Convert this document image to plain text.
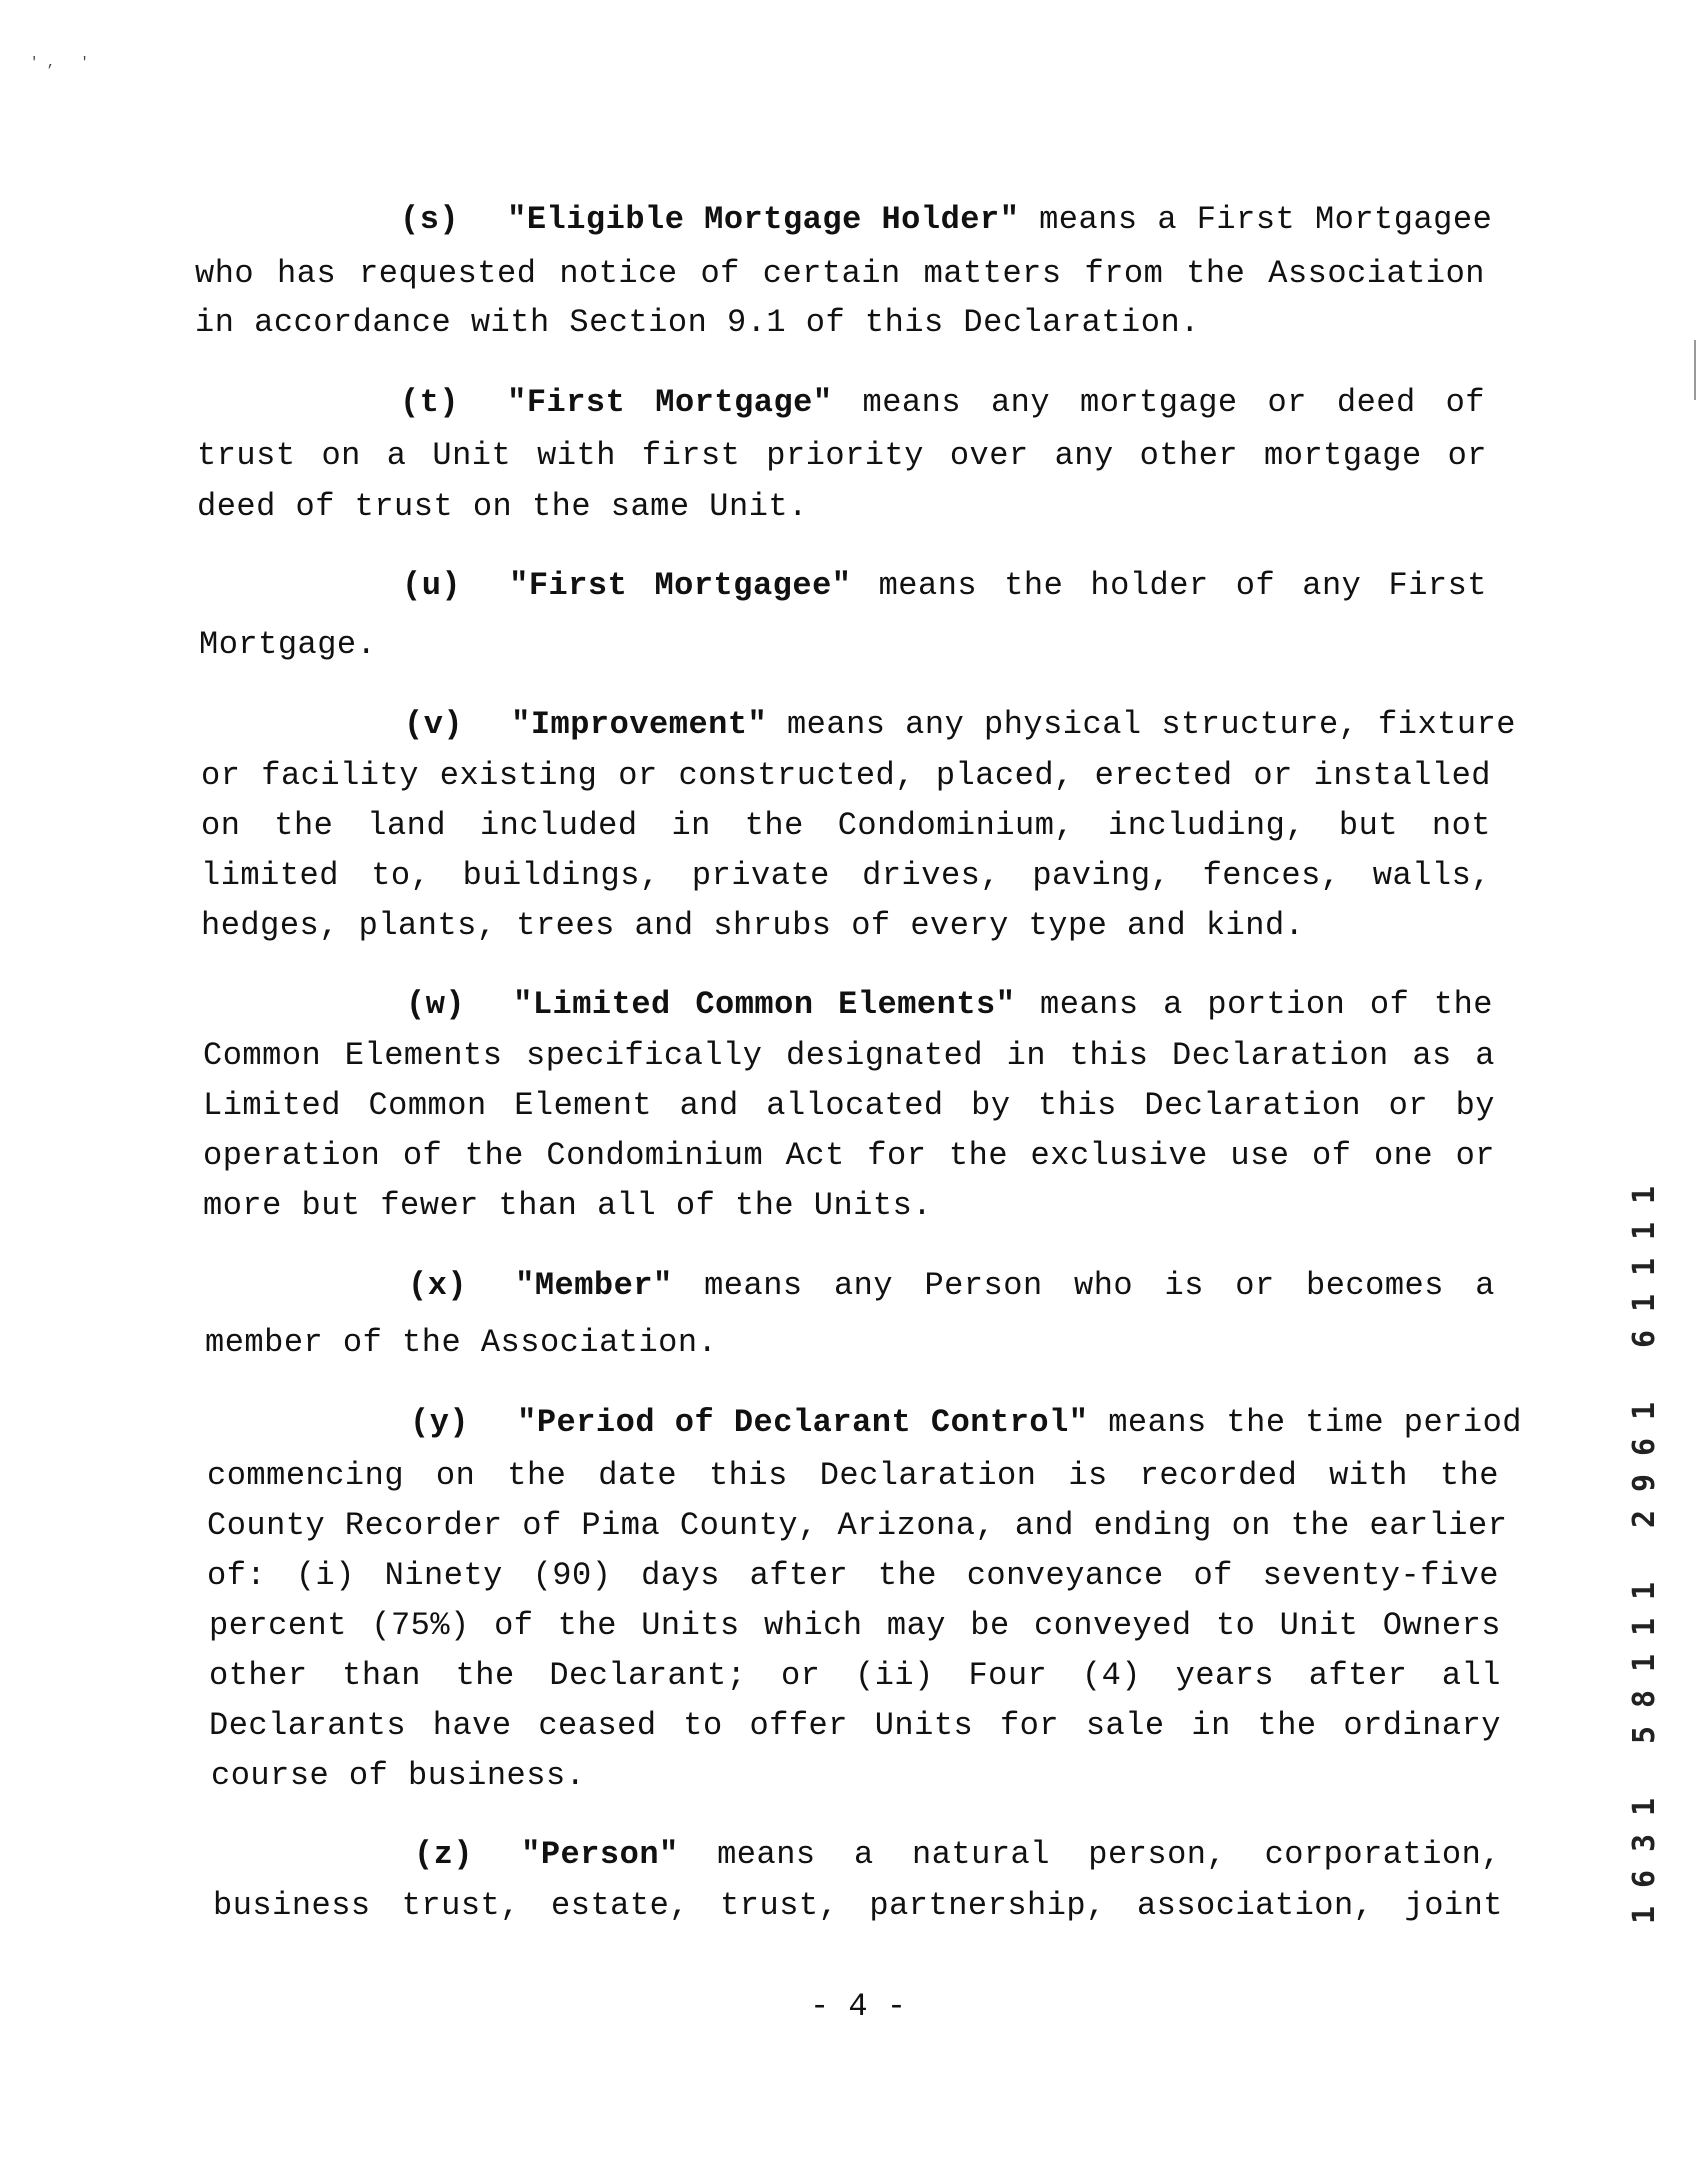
' ,   '
(s) "Eligible Mortgage Holder" means a First Mortgagee
who has requested notice of certain matters from the Association
in accordance with Section 9.1 of this Declaration.
(t) "First Mortgage" means any mortgage or deed of
trust on a Unit with first priority over any other mortgage or
deed of trust on the same Unit.
(u) "First Mortgagee" means the holder of any First
Mortgage.
(v) "Improvement" means any physical structure, fixture
or facility existing or constructed, placed, erected or installed
on the land included in the Condominium, including, but not
limited to, buildings, private drives, paving, fences, walls,
hedges, plants, trees and shrubs of every type and kind.
(w) "Limited Common Elements" means a portion of the
Common Elements specifically designated in this Declaration as a
Limited Common Element and allocated by this Declaration or by
operation of the Condominium Act for the exclusive use of one or
more but fewer than all of the Units.
(x) "Member" means any Person who is or becomes a
member of the Association.
(y) "Period of Declarant Control" means the time period
commencing on the date this Declaration is recorded with the
County Recorder of Pima County, Arizona, and ending on the earlier
of: (i) Ninety (90) days after the conveyance of seventy-five
percent (75%) of the Units which may be conveyed to Unit Owners
other than the Declarant; or (ii) Four (4) years after all
Declarants have ceased to offer Units for sale in the ordinary
course of business.
(z) "Person" means a natural person, corporation,
business trust, estate, trust, partnership, association, joint
- 4 -
1
1
1
1
6
1
6
9
2
1
1
1
8
5
1
3
6
1
